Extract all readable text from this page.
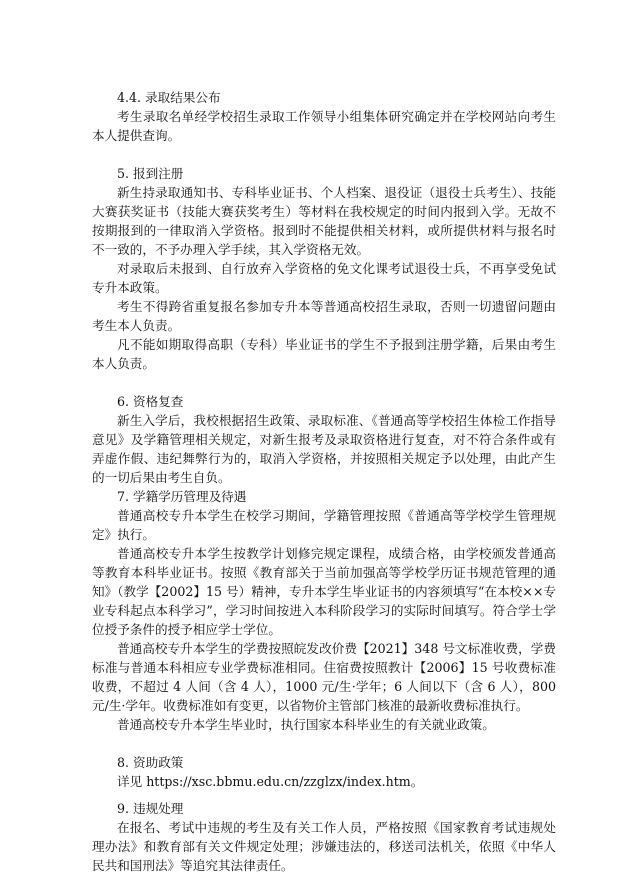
4.4. 录取结果公布

考生录取名单经学校招生录取工作领导小组集体研究确定并在学校网站向考生本人提供查询。

5. 报到注册

新生持录取通知书、专科毕业证书、个人档案、退役证（退役士兵考生）、技能大赛获奖证书（技能大赛获奖考生）等材料在我校规定的时间内报到入学。无故不按期报到的一律取消入学资格。报到时不能提供相关材料，或所提供材料与报名时不一致的，不予办理入学手续，其入学资格无效。

对录取后未报到、自行放弃入学资格的免文化课考试退役士兵，不再享受免试专升本政策。

考生不得跨省重复报名参加专升本等普通高校招生录取，否则一切遗留问题由考生本人负责。

凡不能如期取得高职（专科）毕业证书的学生不予报到注册学籍，后果由考生本人负责。

6. 资格复查

新生入学后，我校根据招生政策、录取标准、《普通高等学校招生体检工作指导意见》及学籍管理相关规定，对新生报考及录取资格进行复查，对不符合条件或有弄虚作假、违纪舞弊行为的，取消入学资格，并按照相关规定予以处理，由此产生的一切后果由考生自负。

7. 学籍学历管理及待遇

普通高校专升本学生在校学习期间，学籍管理按照《普通高等学校学生管理规定》执行。

普通高校专升本学生按教学计划修完规定课程，成绩合格，由学校颁发普通高等教育本科毕业证书。按照《教育部关于当前加强高等学校学历证书规范管理的通知》（教学【2002】15 号）精神，专升本学生毕业证书的内容须填写“在本校××专业专科起点本科学习”，学习时间按进入本科阶段学习的实际时间填写。符合学士学位授予条件的授予相应学士学位。

普通高校专升本学生的学费按照皖发改价费【2021】348 号文标准收费，学费标准与普通本科相应专业学费标准相同。住宿费按照教计【2006】15 号收费标准收费，不超过 4 人间（含 4 人），1000 元/生·学年；6 人间以下（含 6 人），800 元/生·学年。收费标准如有变更，以省物价主管部门核准的最新收费标准执行。

普通高校专升本学生毕业时，执行国家本科毕业生的有关就业政策。

8. 资助政策

详见 https://xsc.bbmu.edu.cn/zzglzx/index.htm。

9. 违规处理

在报名、考试中违规的考生及有关工作人员，严格按照《国家教育考试违规处理办法》和教育部有关文件规定处理；涉嫌违法的，移送司法机关，依照《中华人民共和国刑法》等追究其法律责任。
